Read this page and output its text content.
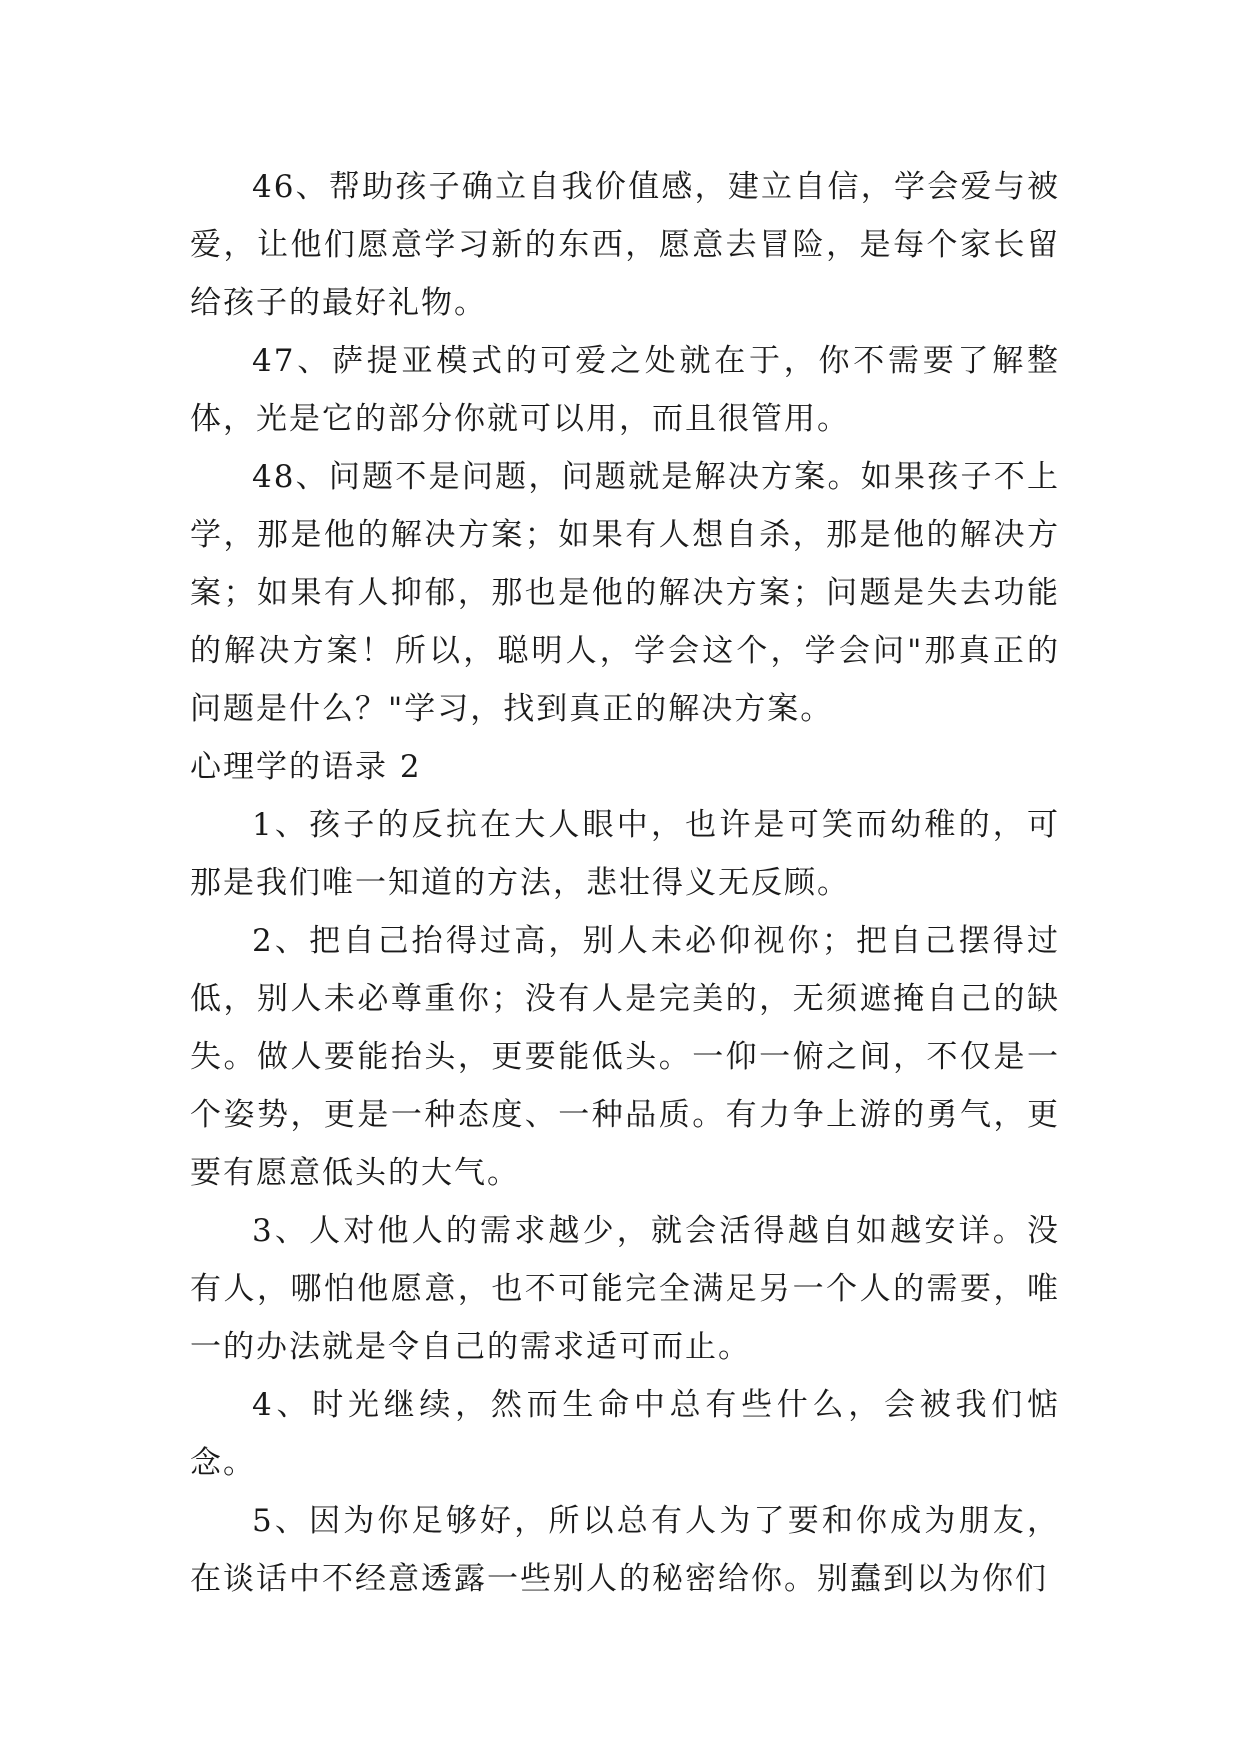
46、帮助孩子确立自我价值感，建立自信，学会爱与被爱，让他们愿意学习新的东西，愿意去冒险，是每个家长留给孩子的最好礼物。

47、萨提亚模式的可爱之处就在于，你不需要了解整体，光是它的部分你就可以用，而且很管用。

48、问题不是问题，问题就是解决方案。如果孩子不上学，那是他的解决方案；如果有人想自杀，那是他的解决方案；如果有人抑郁，那也是他的解决方案；问题是失去功能的解决方案！所以，聪明人，学会这个，学会问"那真正的问题是什么？"学习，找到真正的解决方案。

心理学的语录 2

1、孩子的反抗在大人眼中，也许是可笑而幼稚的，可那是我们唯一知道的方法，悲壮得义无反顾。

2、把自己抬得过高，别人未必仰视你；把自己摆得过低，别人未必尊重你；没有人是完美的，无须遮掩自己的缺失。做人要能抬头，更要能低头。一仰一俯之间，不仅是一个姿势，更是一种态度、一种品质。有力争上游的勇气，更要有愿意低头的大气。

3、人对他人的需求越少，就会活得越自如越安详。没有人，哪怕他愿意，也不可能完全满足另一个人的需要，唯一的办法就是令自己的需求适可而止。

4、时光继续，然而生命中总有些什么，会被我们惦念。

5、因为你足够好，所以总有人为了要和你成为朋友，在谈话中不经意透露一些别人的秘密给你。别蠢到以为你们
